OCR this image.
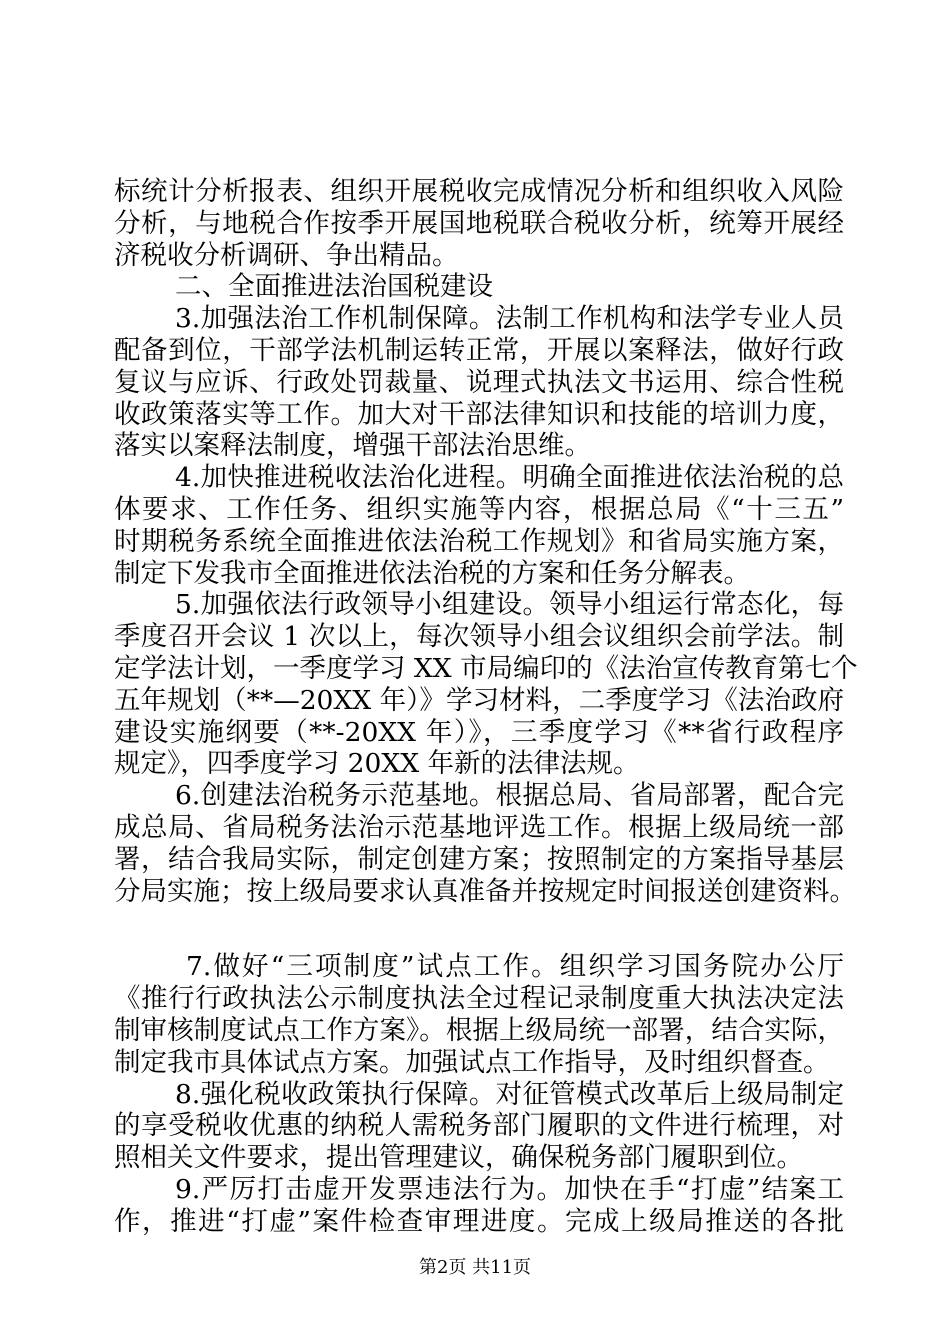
标统计分析报表、组织开展税收完成情况分析和组织收入风险
分析，与地税合作按季开展国地税联合税收分析，统筹开展经
济税收分析调研、争出精品。
二、全面推进法治国税建设
3.加强法治工作机制保障。法制工作机构和法学专业人员
配备到位，干部学法机制运转正常，开展以案释法，做好行政
复议与应诉、行政处罚裁量、说理式执法文书运用、综合性税
收政策落实等工作。加大对干部法律知识和技能的培训力度，
落实以案释法制度，增强干部法治思维。
4.加快推进税收法治化进程。明确全面推进依法治税的总
体要求、工作任务、组织实施等内容，根据总局《“十三五”
时期税务系统全面推进依法治税工作规划》和省局实施方案，
制定下发我市全面推进依法治税的方案和任务分解表。
5.加强依法行政领导小组建设。领导小组运行常态化，每
季度召开会议 1 次以上，每次领导小组会议组织会前学法。制
定学法计划，一季度学习 XX 市局编印的《法治宣传教育第七个
五年规划（**—20XX 年）》学习材料，二季度学习《法治政府
建设实施纲要（**-20XX 年）》，三季度学习《**省行政程序
规定》，四季度学习 20XX 年新的法律法规。
6.创建法治税务示范基地。根据总局、省局部署，配合完
成总局、省局税务法治示范基地评选工作。根据上级局统一部
署，结合我局实际，制定创建方案；按照制定的方案指导基层
分局实施；按上级局要求认真准备并按规定时间报送创建资料。
7.做好“三项制度”试点工作。组织学习国务院办公厅
《推行行政执法公示制度执法全过程记录制度重大执法决定法
制审核制度试点工作方案》。根据上级局统一部署，结合实际，
制定我市具体试点方案。加强试点工作指导，及时组织督查。
8.强化税收政策执行保障。对征管模式改革后上级局制定
的享受税收优惠的纳税人需税务部门履职的文件进行梳理，对
照相关文件要求，提出管理建议，确保税务部门履职到位。
9.严厉打击虚开发票违法行为。加快在手“打虚”结案工
作，推进“打虚”案件检查审理进度。完成上级局推送的各批
第2页 共11页
